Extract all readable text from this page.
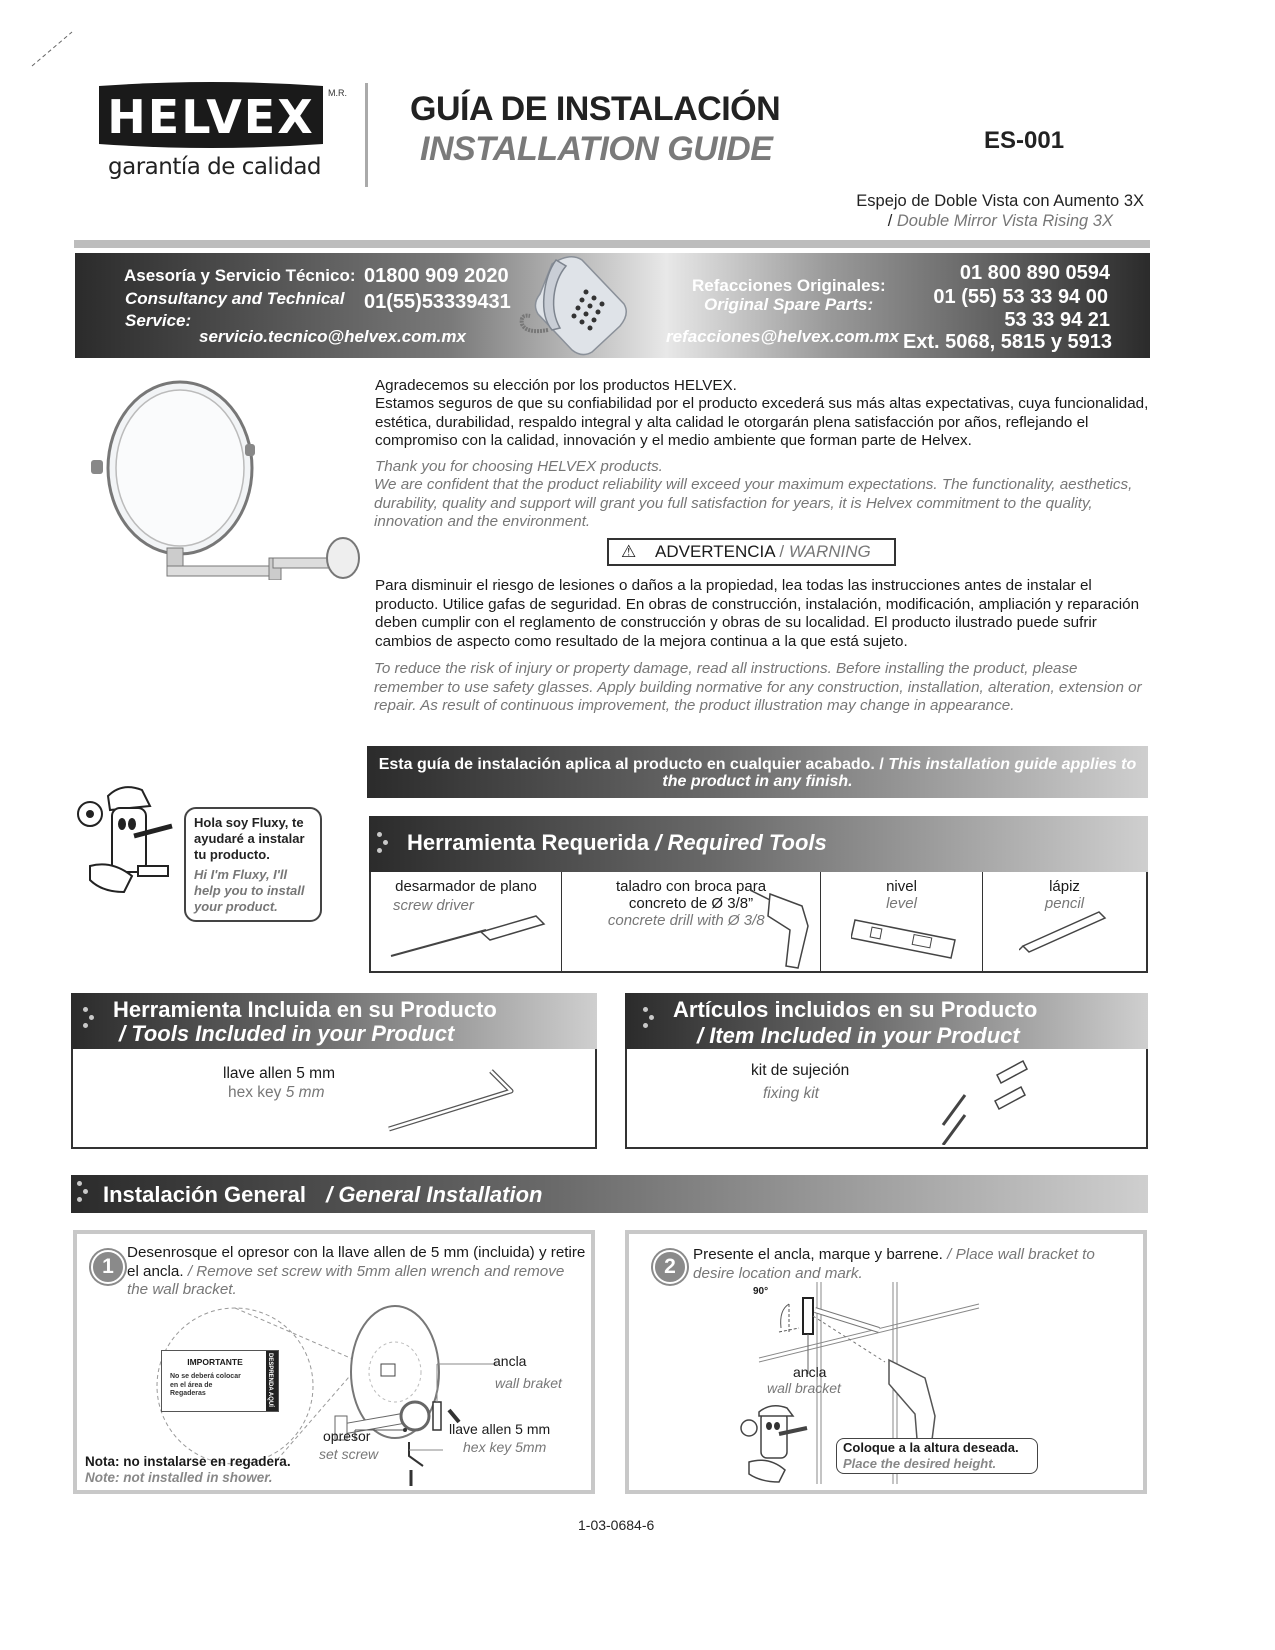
HELVEX	M.R.
garantía de calidad
GUÍA DE INSTALACIÓN
INSTALLATION GUIDE	ES-001
Espejo de Doble Vista con Aumento 3X
/ Double Mirror Vista Rising 3X
Asesoría y Servicio Técnico:
Consultancy and Technical
Service:
01800 909 2020
01(55)53339431
servicio.tecnico@helvex.com.mx
Refacciones Originales:
Original Spare Parts:
refacciones@helvex.com.mx
01 800 890 0594
01 (55) 53 33 94 00
53 33 94 21
Ext. 5068, 5815 y 5913
Agradecemos su elección por los productos HELVEX.
Estamos seguros de que su confiabilidad por el producto excederá sus más altas expectativas, cuya funcionalidad, estética, durabilidad, respaldo integral y alta calidad le otorgarán plena satisfacción por años, reflejando el compromiso con la calidad, innovación y el medio ambiente que forman parte de Helvex.
Thank you for choosing HELVEX products.
We are confident that the product reliability will exceed your maximum expectations. The functionality, aesthetics, durability, quality and support will grant you full satisfaction for years, it is Helvex commitment to the quality, innovation and the environment.
⚠ ADVERTENCIA / WARNING
Para disminuir el riesgo de lesiones o daños a la propiedad, lea todas las instrucciones antes de instalar el producto. Utilice gafas de seguridad. En obras de construcción, instalación, modificación, ampliación y reparación deben cumplir con el reglamento de construcción y obras de su localidad. El producto ilustrado puede sufrir cambios de aspecto como resultado de la mejora continua a la que está sujeto.
To reduce the risk of injury or property damage, read all instructions. Before installing the product, please remember to use safety glasses. Apply building normative for any construction, installation, alteration, extension or repair. As result of continuous improvement, the product illustration may change in appearance.
Hola soy Fluxy, te ayudaré a instalar tu producto.
Hi I'm Fluxy, I'll help you to install your product.
Esta guía de instalación aplica al producto en cualquier acabado. / This installation guide applies to the product in any finish.
Herramienta Requerida / Required Tools
desarmador de plano
screw driver
taladro con broca para
concreto de Ø 3/8”
concrete drill with Ø 3/8 "
nivel
level
lápiz
pencil
Herramienta Incluida en su Producto
/ Tools Included in your Product
llave allen 5 mm
hex key 5 mm
Artículos incluidos en su Producto
/ Item Included in your Product
kit de sujeción
fixing kit
Instalación General / General Installation
1
Desenrosque el opresor con la llave allen de 5 mm (incluida) y retire el ancla. / Remove set screw with 5mm allen wrench and remove the wall bracket.
IMPORTANTE
No se deberá colocar en el área de Regaderas	DESPRENDA AQUÍ	ancla
wall braket
llave allen 5 mm
hex key 5mm
opresor
set screw
Nota: no instalarse en regadera.
Note: not installed in shower.
2
Presente el ancla, marque y barrene. / Place wall bracket to desire location and mark.
90°
ancla
wall bracket
Coloque a la altura deseada.
Place the desired height.
1-03-0684-6
